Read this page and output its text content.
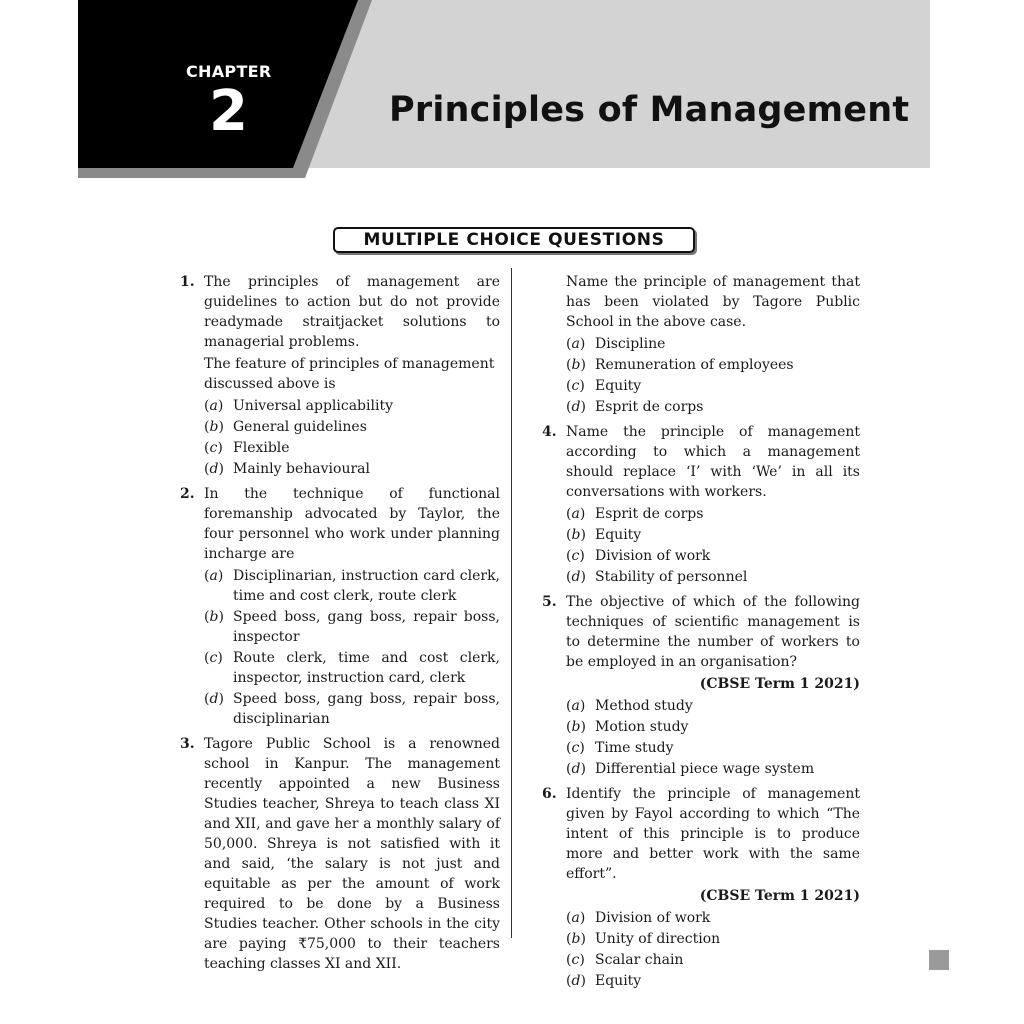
CHAPTER
2	Principles of Management
MULTIPLE CHOICE QUESTIONS
1. The principles of management are guidelines to action but do not provide readymade straitjacket solutions to managerial problems.

The feature of principles of management discussed above is

(a) Universal applicability
(b) General guidelines
(c) Flexible
(d) Mainly behavioural
2. In the technique of functional foremanship advocated by Taylor, the four personnel who work under planning incharge are

(a) Disciplinarian, instruction card clerk, time and cost clerk, route clerk
(b) Speed boss, gang boss, repair boss, inspector
(c) Route clerk, time and cost clerk, inspector, instruction card, clerk
(d) Speed boss, gang boss, repair boss, disciplinarian
3. Tagore Public School is a renowned school in Kanpur. The management recently appointed a new Business Studies teacher, Shreya to teach class XI and XII, and gave her a monthly salary of 50,000. Shreya is not satisfied with it and said, ‘the salary is not just and equitable as per the amount of work required to be done by a Business Studies teacher. Other schools in the city are paying ₹75,000 to their teachers teaching classes XI and XII.

Name the principle of management that has been violated by Tagore Public School in the above case.

(a) Discipline
(b) Remuneration of employees
(c) Equity
(d) Esprit de corps
4. Name the principle of management according to which a management should replace ‘I’ with ‘We’ in all its conversations with workers.

(a) Esprit de corps
(b) Equity
(c) Division of work
(d) Stability of personnel
5. The objective of which of the following techniques of scientific management is to determine the number of workers to be employed in an organisation?

(CBSE Term 1 2021)

(a) Method study
(b) Motion study
(c) Time study
(d) Differential piece wage system
6. Identify the principle of management given by Fayol according to which “The intent of this principle is to produce more and better work with the same effort”.

(CBSE Term 1 2021)

(a) Division of work
(b) Unity of direction
(c) Scalar chain
(d) Equity
